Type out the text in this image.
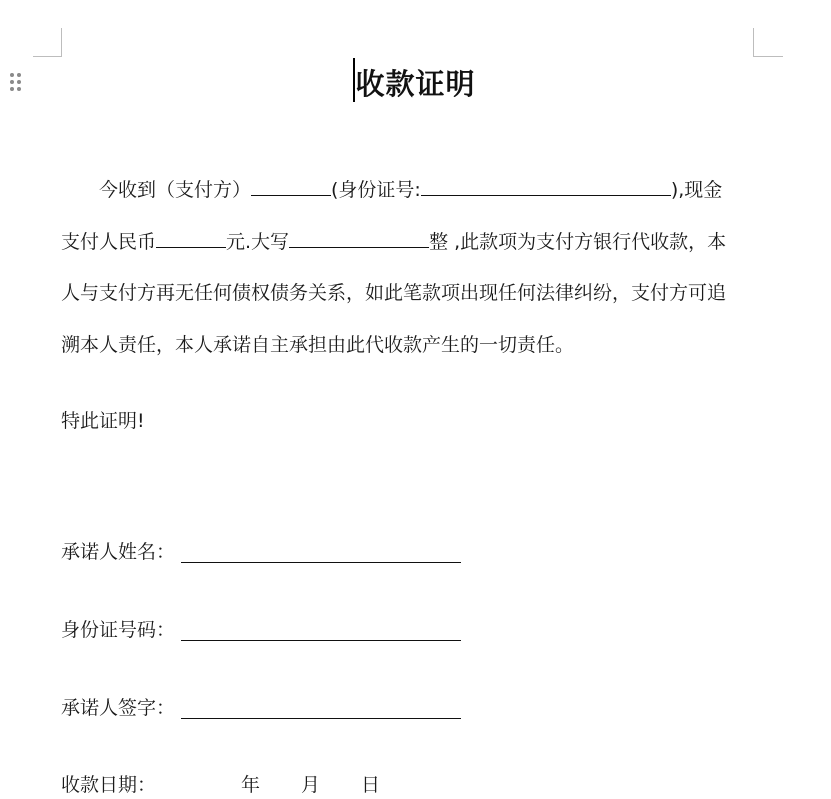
收款证明
今收到（支付方）	(身份证号:	),现金
支付人民币	元.大写	整 ,此款项为支付方银行代收款，本
人与支付方再无任何债权债务关系，如此笔款项出现任何法律纠纷，支付方可追
溯本人责任，本人承诺自主承担由此代收款产生的一切责任。
特此证明!
承诺人姓名：
身份证号码：
承诺人签字：
收款日期：	年 月 日
